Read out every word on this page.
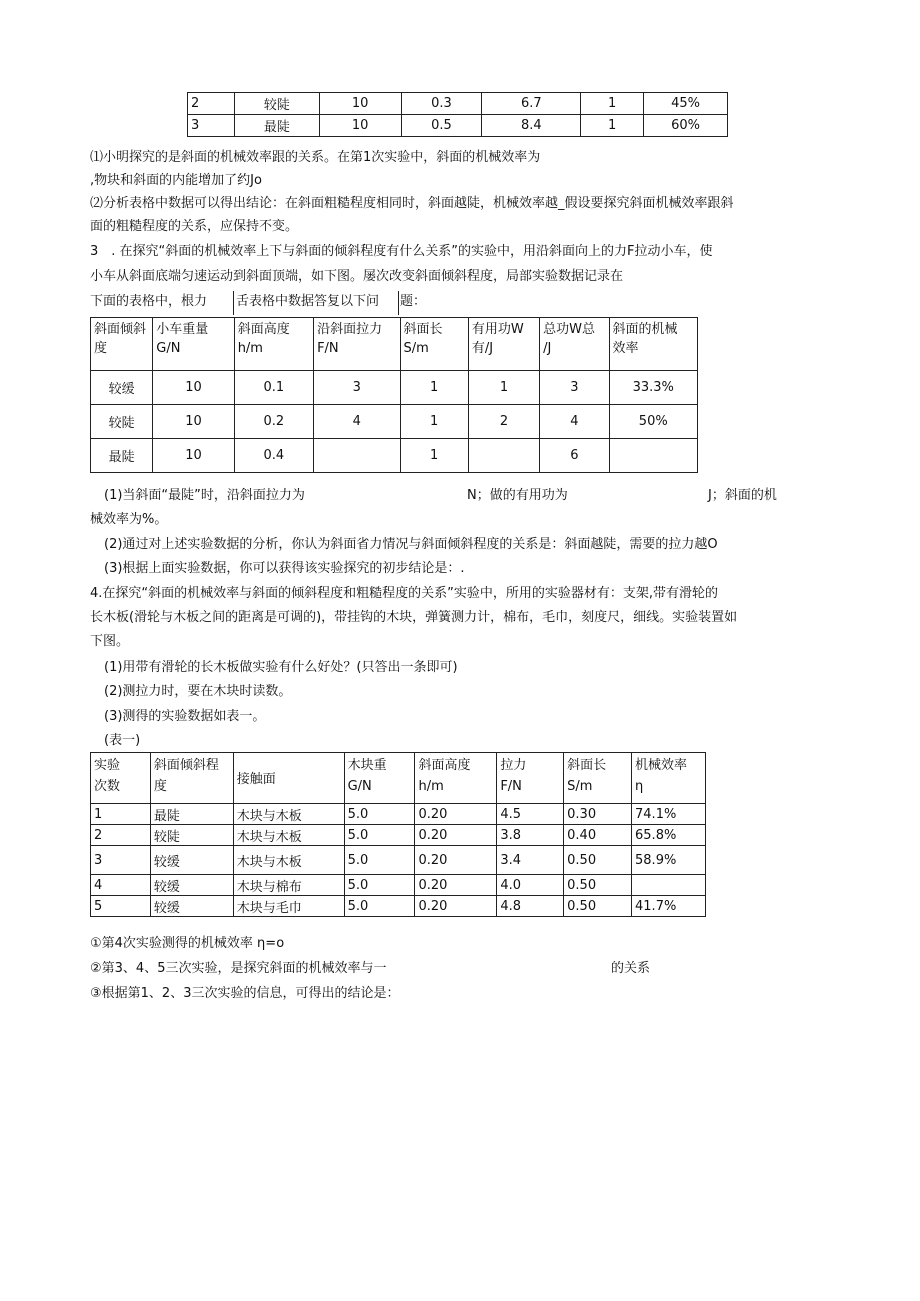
2	较陡	10	0.3	6.7	1	45%
3	最陡	10	0.5	8.4	1	60%
⑴小明探究的是斜面的机械效率跟的关系。在第1次实验中，斜面的机械效率为
,物块和斜面的内能增加了约Jo
⑵分析表格中数据可以得出结论：在斜面粗糙程度相同时，斜面越陡，机械效率越_假设要探究斜面机械效率跟斜
面的粗糙程度的关系，应保持不变。
3　. 在探究“斜面的机械效率上下与斜面的倾斜程度有什么关系”的实验中，用沿斜面向上的力F拉动小车，使
小车从斜面底端匀速运动到斜面顶端，如下图。屡次改变斜面倾斜程度，局部实验数据记录在
下面的表格中，根力 舌表格中数据答复以下问 题：
斜面倾斜
度	小车重量
G/N	斜面高度
h/m	沿斜面拉力
F/N	斜面长
S/m	有用功W
有/J	总功W总
/J	斜面的机械
效率
较缓	10	0.1	3	1	1	3	33.3%
较陡	10	0.2	4	1	2	4	50%
最陡	10	0.4		1		6	
(1)当斜面“最陡”时，沿斜面拉力为	N；做的有用功为	J；斜面的机
械效率为%。
(2)通过对上述实验数据的分析，你认为斜面省力情况与斜面倾斜程度的关系是：斜面越陡，需要的拉力越O
(3)根据上面实验数据，你可以获得该实验探究的初步结论是：.
4.在探究“斜面的机械效率与斜面的倾斜程度和粗糙程度的关系”实验中，所用的实验器材有：支架,带有滑轮的
长木板(滑轮与木板之间的距离是可调的)，带挂钩的木块，弹簧测力计，棉布，毛巾，刻度尺，细线。实验装置如
下图。
(1)用带有滑轮的长木板做实验有什么好处？(只答出一条即可)
(2)测拉力时，要在木块时读数。
(3)测得的实验数据如表一。
(表一)
实验
次数	斜面倾斜程
度	接触面	木块重
G/N	斜面高度
h/m	拉力
F/N	斜面长
S/m	机械效率
η
1	最陡	木块与木板	5.0	0.20	4.5	0.30	74.1%
2	较陡	木块与木板	5.0	0.20	3.8	0.40	65.8%
3	较缓	木块与木板	5.0	0.20	3.4	0.50	58.9%
4	较缓	木块与棉布	5.0	0.20	4.0	0.50	
5	较缓	木块与毛巾	5.0	0.20	4.8	0.50	41.7%
①第4次实验测得的机械效率 η=o
②第3、4、5三次实验，是探究斜面的机械效率与一	的关系
③根据第1、2、3三次实验的信息，可得出的结论是：
